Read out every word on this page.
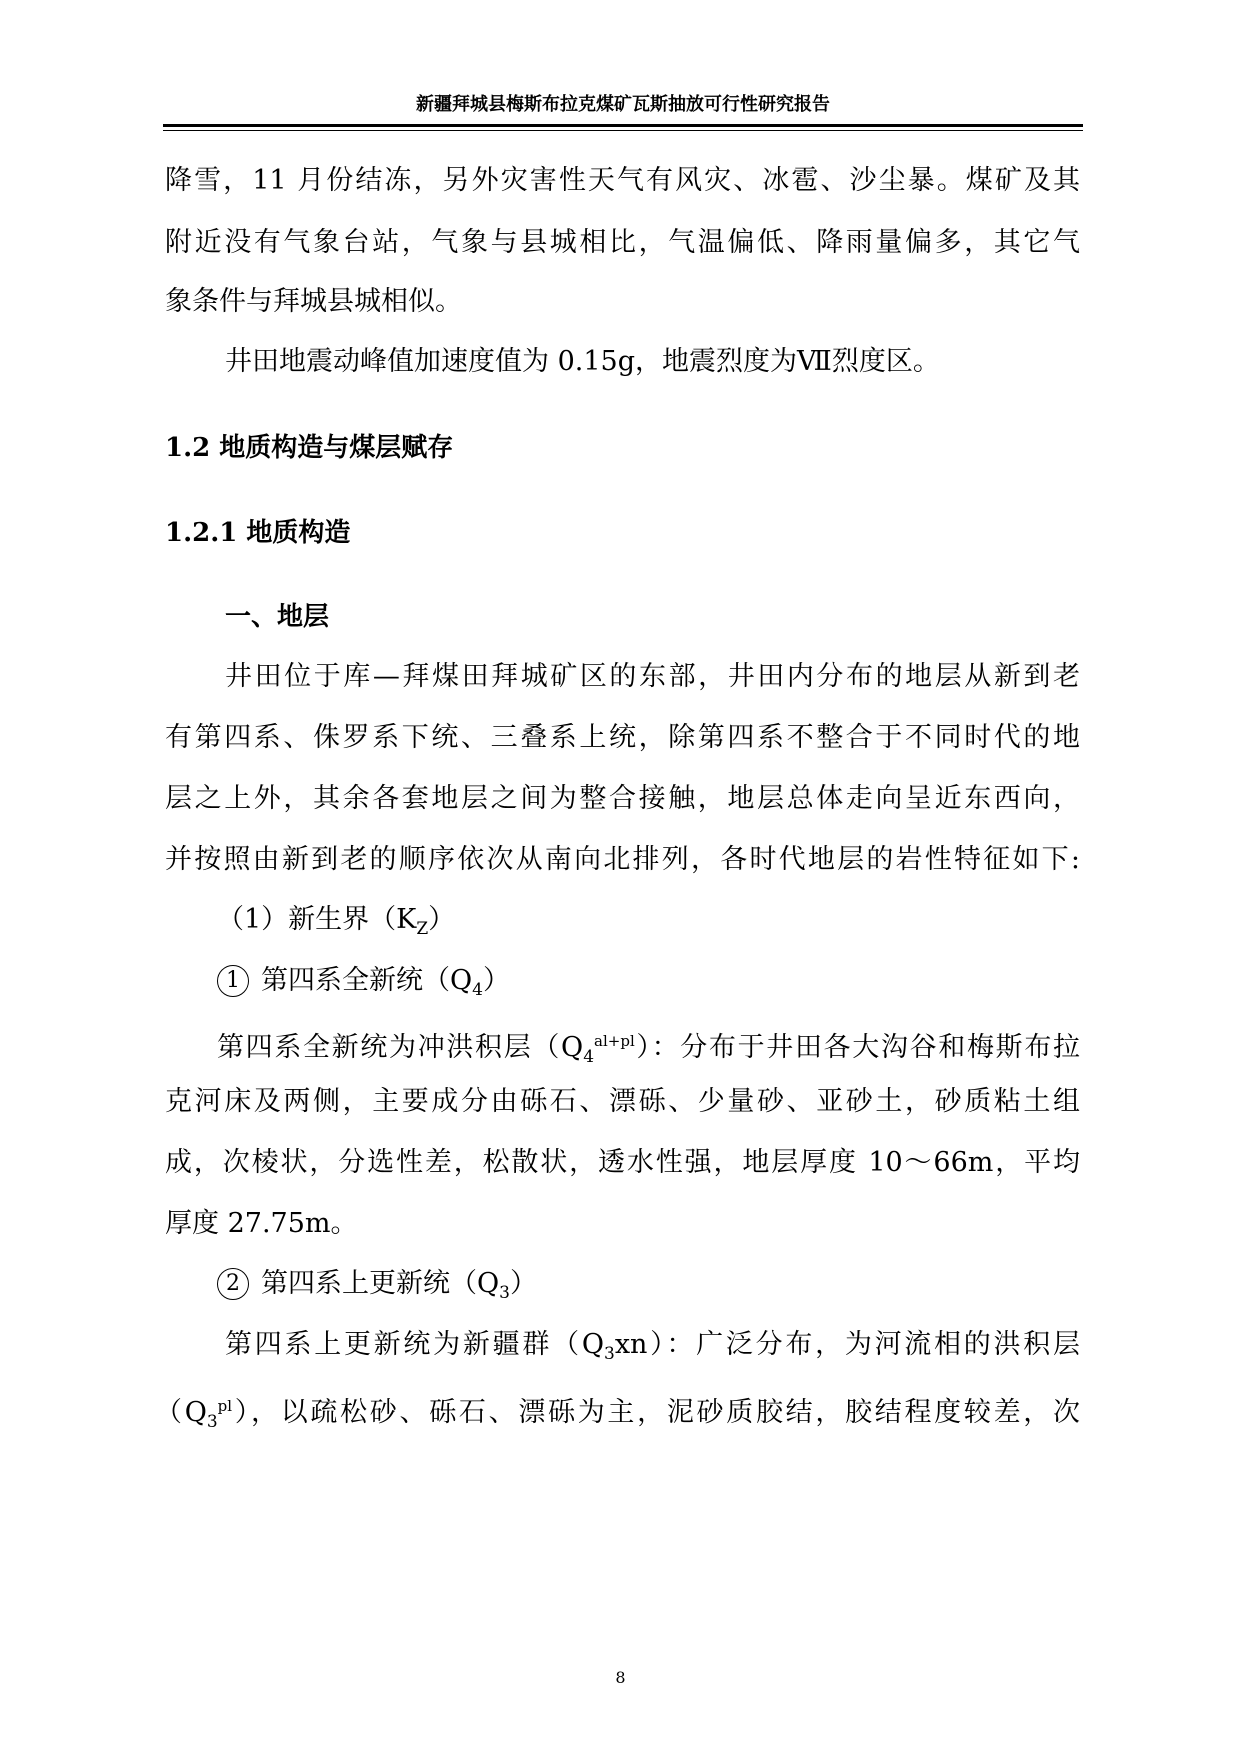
新疆拜城县梅斯布拉克煤矿瓦斯抽放可行性研究报告
降雪，11 月份结冻，另外灾害性天气有风灾、冰雹、沙尘暴。煤矿及其
附近没有气象台站，气象与县城相比，气温偏低、降雨量偏多，其它气
象条件与拜城县城相似。
井田地震动峰值加速度值为 0.15g，地震烈度为Ⅶ烈度区。
1.2 地质构造与煤层赋存
1.2.1 地质构造
一、地层
井田位于库—拜煤田拜城矿区的东部，井田内分布的地层从新到老
有第四系、侏罗系下统、三叠系上统，除第四系不整合于不同时代的地
层之上外，其余各套地层之间为整合接触，地层总体走向呈近东西向，
并按照由新到老的顺序依次从南向北排列，各时代地层的岩性特征如下:
（1）新生界$(K_Z)$
1 第四系全新统$(Q_4)$
第四系全新统为冲洪积层$(Q_4^{al+pl})$：分布于井田各大沟谷和梅斯布拉
克河床及两侧，主要成分由砾石、漂砾、少量砂、亚砂土，砂质粘土组
成，次棱状，分选性差，松散状，透水性强，地层厚度 10～66m，平均
厚度 27.75m。
2 第四系上更新统$(Q_3)$
第四系上更新统为新疆群$(Q_3xn)$：广泛分布，为河流相的洪积层
$(Q_3^{pl})$，以疏松砂、砾石、漂砾为主，泥砂质胶结，胶结程度较差，次
8
